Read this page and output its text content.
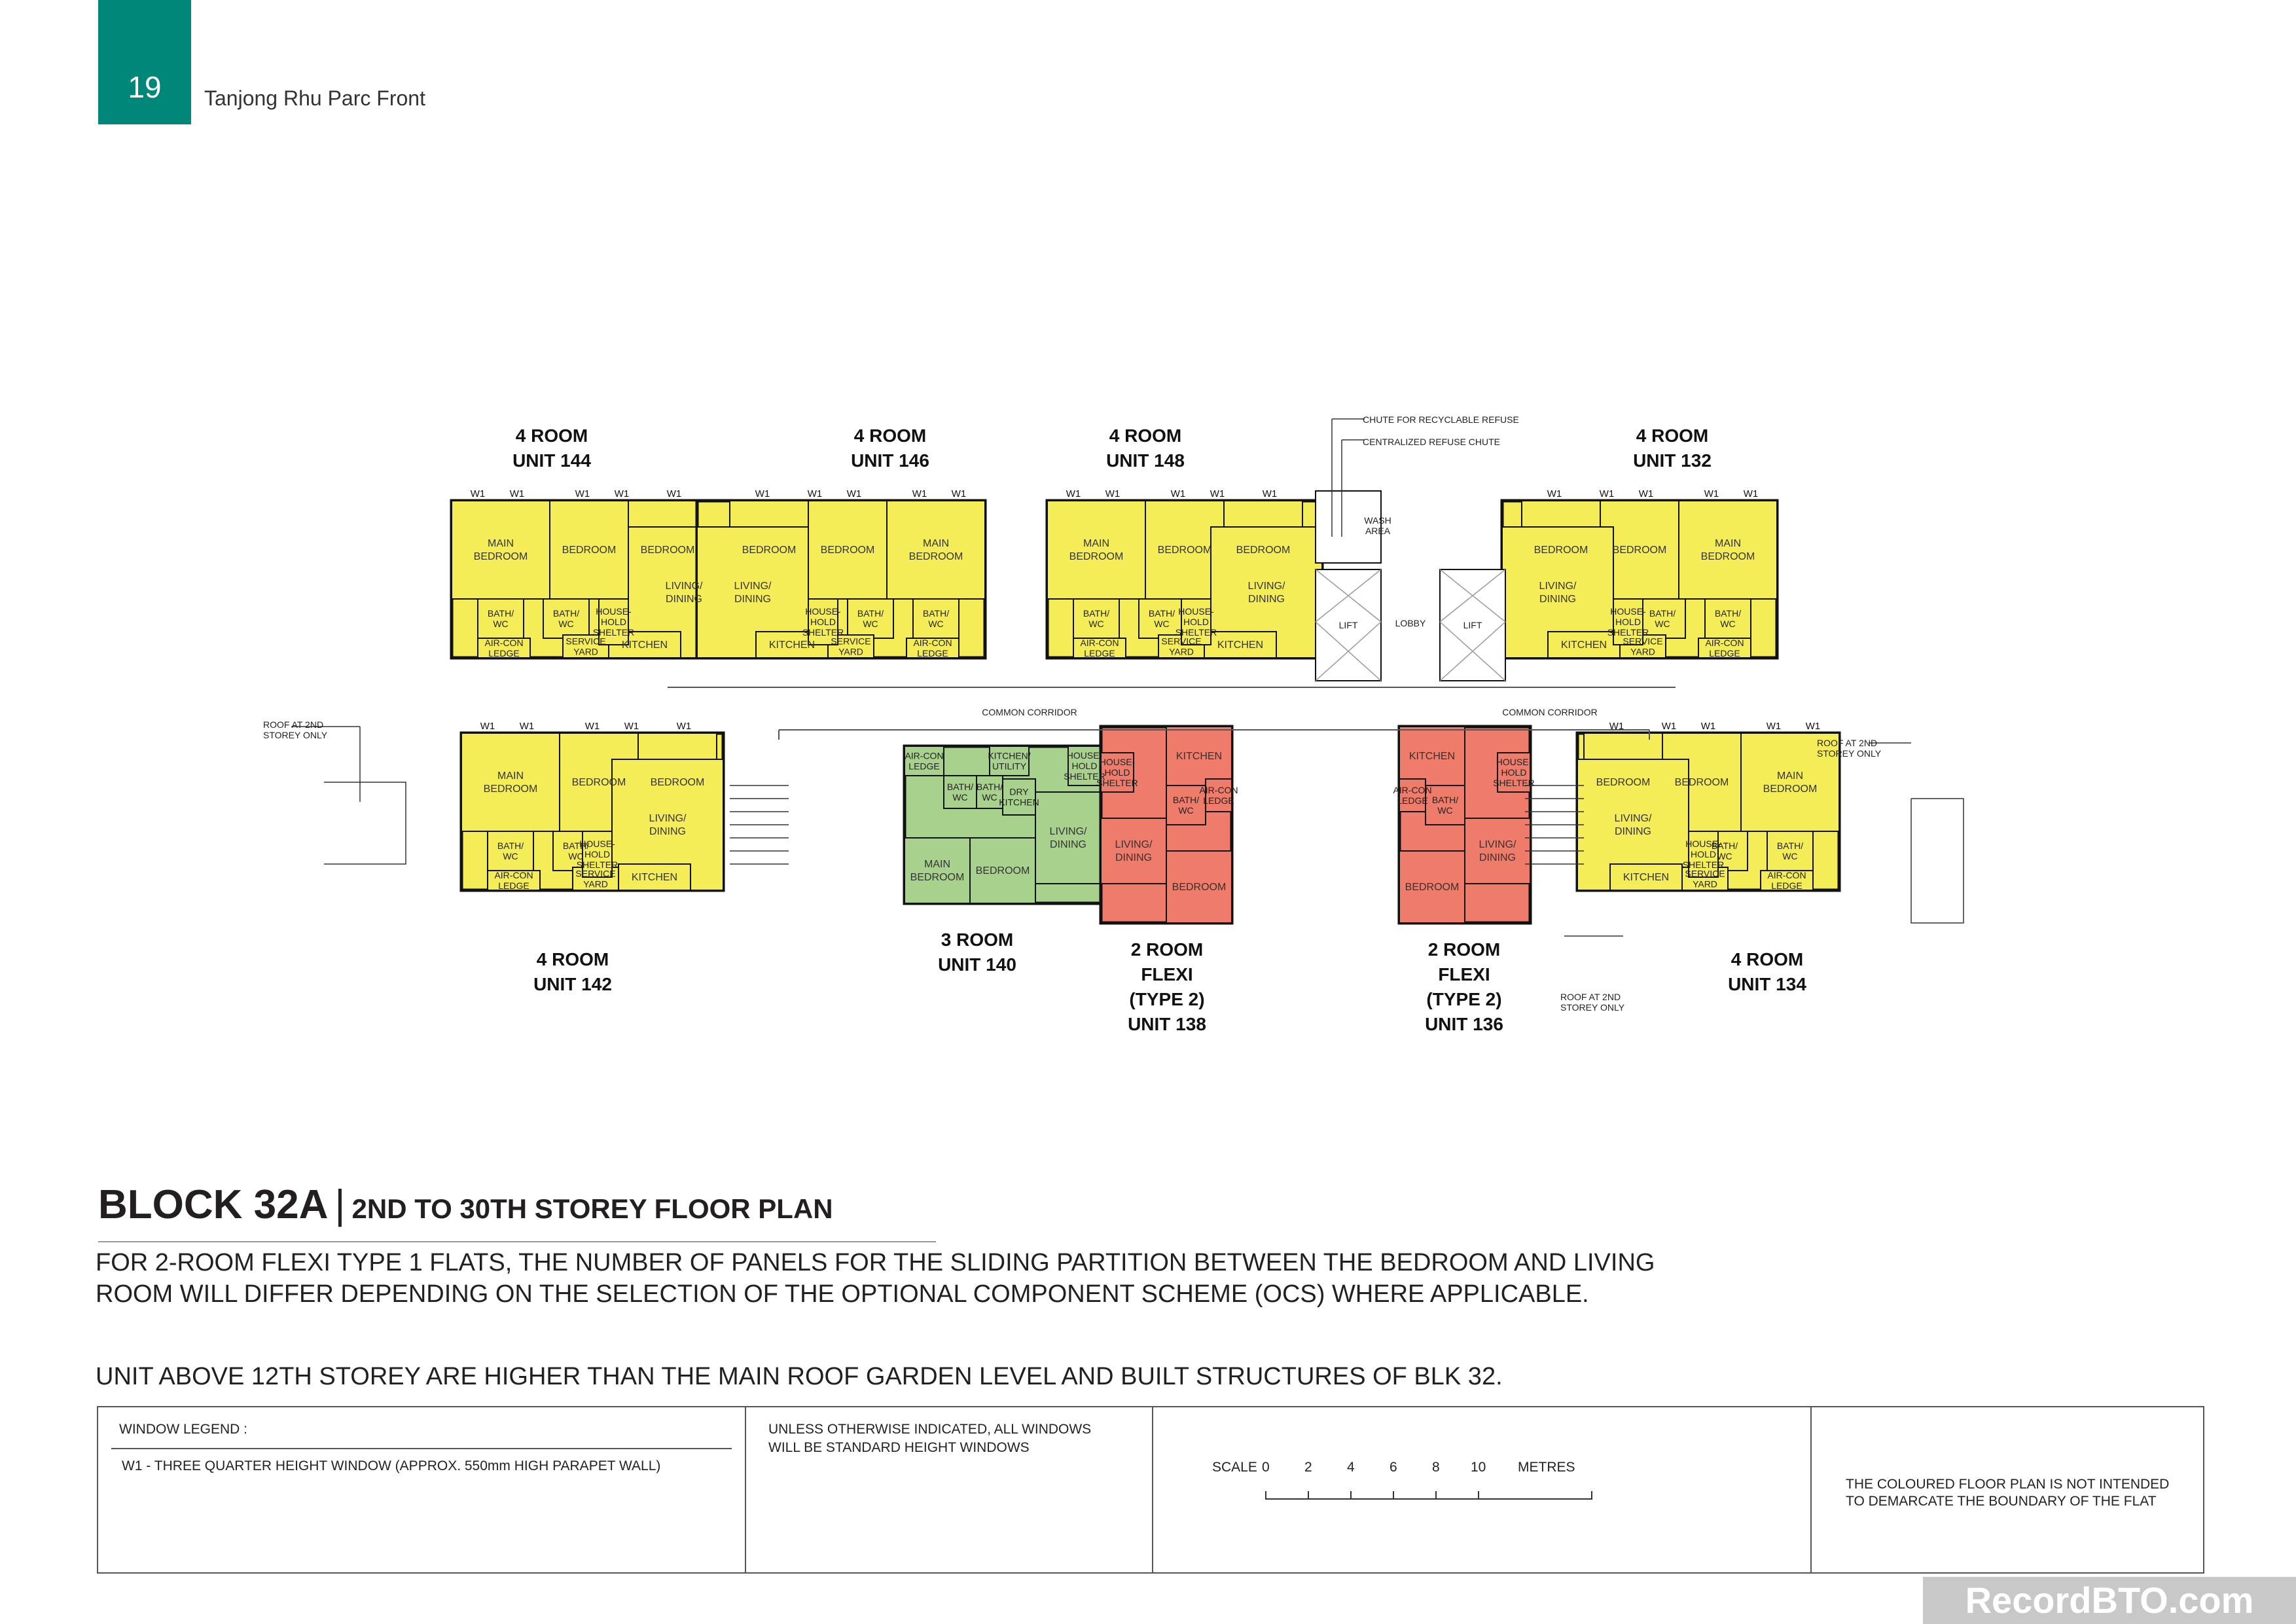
19	Tanjong Rhu Parc Front
MAIN
BEDROOM
BEDROOM BEDROOM
LIVING/
DINING
BATH/
WC
BATH/
WC
AIR-CON
LEDGE
SERVICE
YARD
KITCHEN
HOUSE-
HOLD
SHELTER
W1	W1	W1	W1	W1
MAIN
BEDROOM
BEDROOM
BEDROOM
LIVING/
DINING
BATH/
WC
BATH/
WC
AIR-CON
LEDGE
SERVICE
YARD
KITCHEN
HOUSE-
HOLD
SHELTER
W1
W1
W1
W1
W1
MAIN
BEDROOM
BEDROOM BEDROOM
LIVING/
DINING
BATH/
WC
BATH/
WC
AIR-CON
LEDGE
SERVICE
YARD
KITCHEN
HOUSE-
HOLD
SHELTER
W1	W1	W1	W1	W1
MAIN
BEDROOM
BEDROOM
BEDROOM
LIVING/
DINING
BATH/
WC
BATH/
WC
AIR-CON
LEDGE
SERVICE
YARD
KITCHEN
HOUSE-
HOLD
SHELTER
W1
W1
W1
W1
W1
MAIN
BEDROOM
BEDROOM BEDROOM
LIVING/
DINING
BATH/
WC
BATH/
WC
AIR-CON
LEDGE
SERVICE
YARD
KITCHEN
HOUSE-
HOLD
SHELTER
W1	W1	W1	W1	W1
MAIN
BEDROOM
BEDROOM
BEDROOM
LIVING/
DINING
BATH/
WC
BATH/
WC
AIR-CON
LEDGE
SERVICE
YARD
KITCHEN
HOUSE-
HOLD
SHELTER
W1
W1
W1
W1
W1
MAIN
BEDROOM
BEDROOM
LIVING/
DINING
AIR-CON
LEDGE
BATH/
WC
BATH/
WC
KITCHEN/
UTILITY
DRY
KITCHEN
HOUSE-
HOLD
SHELTER
LIVING/
DINING
BEDROOM
KITCHEN
BATH/
WC
AIR-CON
LEDGE
HOUSE-
HOLD
SHELTER
LIVING/
DINING
BEDROOM
KITCHEN
BATH/
WC
AIR-CON
LEDGE
HOUSE-
HOLD
SHELTER
CHUTE FOR RECYCLABLE REFUSE
CENTRALIZED REFUSE CHUTE
WASH
AREA
LOBBY
LIFT	LIFT
COMMON CORRIDOR	COMMON CORRIDOR
ROOF AT 2ND
STOREY ONLY
ROOF AT 2ND
STOREY ONLY
ROOF AT 2ND
STOREY ONLY
4 ROOM
UNIT 144
4 ROOM
UNIT 146
4 ROOM
UNIT 148
4 ROOM
UNIT 132
4 ROOM
UNIT 142
3 ROOM
UNIT 140
2 ROOM
FLEXI
(TYPE 2)
UNIT 138
2 ROOM
FLEXI
(TYPE 2)
UNIT 136
4 ROOM
UNIT 134
BLOCK 32A | 2ND TO 30TH STOREY FLOOR PLAN
FOR 2-ROOM FLEXI TYPE 1 FLATS, THE NUMBER OF PANELS FOR THE SLIDING PARTITION BETWEEN THE BEDROOM AND LIVING ROOM WILL DIFFER DEPENDING ON THE SELECTION OF THE OPTIONAL COMPONENT SCHEME (OCS) WHERE APPLICABLE.
UNIT ABOVE 12TH STOREY ARE HIGHER THAN THE MAIN ROOF GARDEN LEVEL AND BUILT STRUCTURES OF BLK 32.
WINDOW LEGEND :
W1 - THREE QUARTER HEIGHT WINDOW (APPROX. 550mm HIGH PARAPET WALL)
UNLESS OTHERWISE INDICATED, ALL WINDOWS
WILL BE STANDARD HEIGHT WINDOWS
SCALE 0	2	4	6	8 10 METRES
THE COLOURED FLOOR PLAN IS NOT INTENDED
TO DEMARCATE THE BOUNDARY OF THE FLAT
RecordBTO.com
